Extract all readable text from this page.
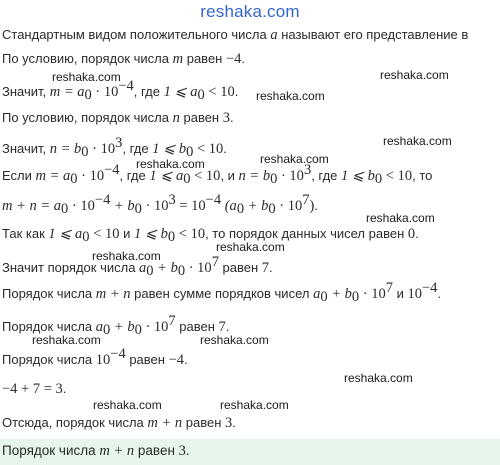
reshaka.com
Стандартным видом положительного числа a называют его представление в
По условию, порядок числа m равен −4.
Значит, $m = a_0 \cdot 10^{-4}$, где 1 ⩽ $a_0 < 10$.
По условию, порядок числа n равен 3.
Значит, $n = b_0 \cdot 10^3$, где 1 ⩽ $b_0 < 10$.
Если $m = a_0 \cdot 10^{-4}$, где 1 ⩽ $a_0 < 10$, и $n = b_0 \cdot 10^3$, где 1 ⩽ $b_0 < 10$, то
$m + n = a_0 \cdot 10^{-4} + b_0 \cdot 10^3 = 10^{-4}$ $(a_0 + b_0 \cdot 10^7)$.
Так как 1 ⩽ $a_0 < 10$ и 1 ⩽ $b_0 < 10$, то порядок данных чисел равен 0.
Значит порядок числа $a_0 + b_0 \cdot 10^7$ равен 7.
Порядок числа m + n равен сумме порядков чисел $a_0 + b_0 \cdot 10^7$ и $10^{-4}$.
Порядок числа $a_0 + b_0 \cdot 10^7$ равен 7.
Порядок числа $10^{-4}$ равен −4.
−4 + 7 = 3.
Отсюда, порядок числа m + n равен 3.
Порядок числа m + n равен 3.
reshaka.com	reshaka.com
reshaka.com
reshaka.com
reshaka.com	reshaka.com
reshaka.com
reshaka.com
reshaka.com
reshaka.com	reshaka.com
reshaka.com
reshaka.com	reshaka.com
